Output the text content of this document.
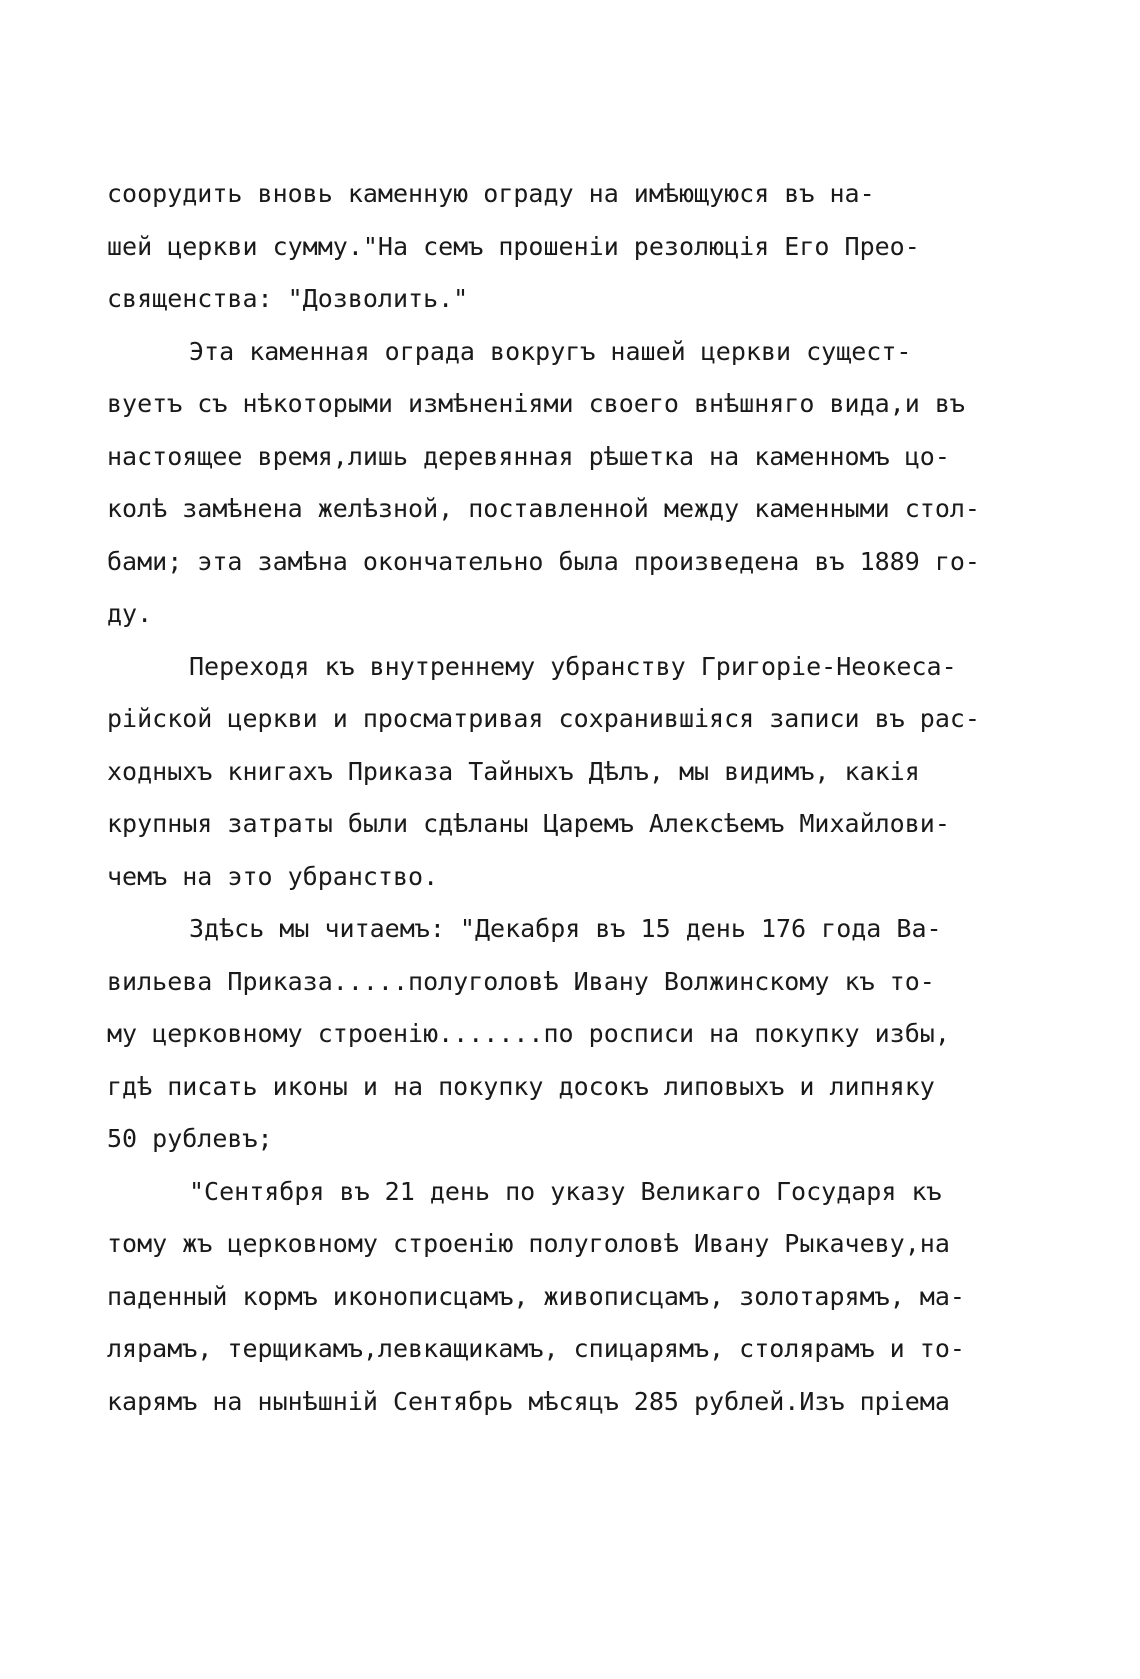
соорудить вновь каменную ограду на имѣющуюся въ на-
шей церкви сумму."На семъ прошеніи резолюція Его Преo-
священства: "Дозволить."
Эта каменная ограда вокругъ нашей церкви сущест-
вуетъ съ нѣкоторыми измѣненіями своего внѣшняго вида,и въ
настоящее время,лишь деревянная рѣшетка на каменномъ цо-
колѣ замѣнена желѣзной, поставленной между каменными стол-
бами; эта замѣна окончательно была произведена въ 1889 го-
ду.
Переходя къ внутреннему убранству Григоріе-Неокеса-
рійской церкви и просматривая сохранившіяся записи въ рас-
ходныхъ книгахъ Приказа Тайныхъ Дѣлъ, мы видимъ, какія
крупныя затраты были сдѣланы Царемъ Алексѣемъ Михайлови-
чемъ на это убранство.
Здѣсь мы читаемъ: "Декабря въ 15 день 176 года Ва-
вильева Приказа.....полуголовѣ Ивану Волжинскому къ то-
му церковному строенію.......по росписи на покупку избы,
гдѣ писать иконы и на покупку досокъ липовыхъ и липняку
50 рублевъ;
"Сентября въ 21 день по указу Великаго Государя къ
тому жъ церковному строенію полуголовѣ Ивану Рыкачеву,на
паденный кормъ иконописцамъ, живописцамъ, золотарямъ, ма-
лярамъ, терщикамъ,левкащикамъ, спицарямъ, столярамъ и то-
карямъ на нынѣшній Сентябрь мѣсяцъ 285 рублей.Изъ пріема
